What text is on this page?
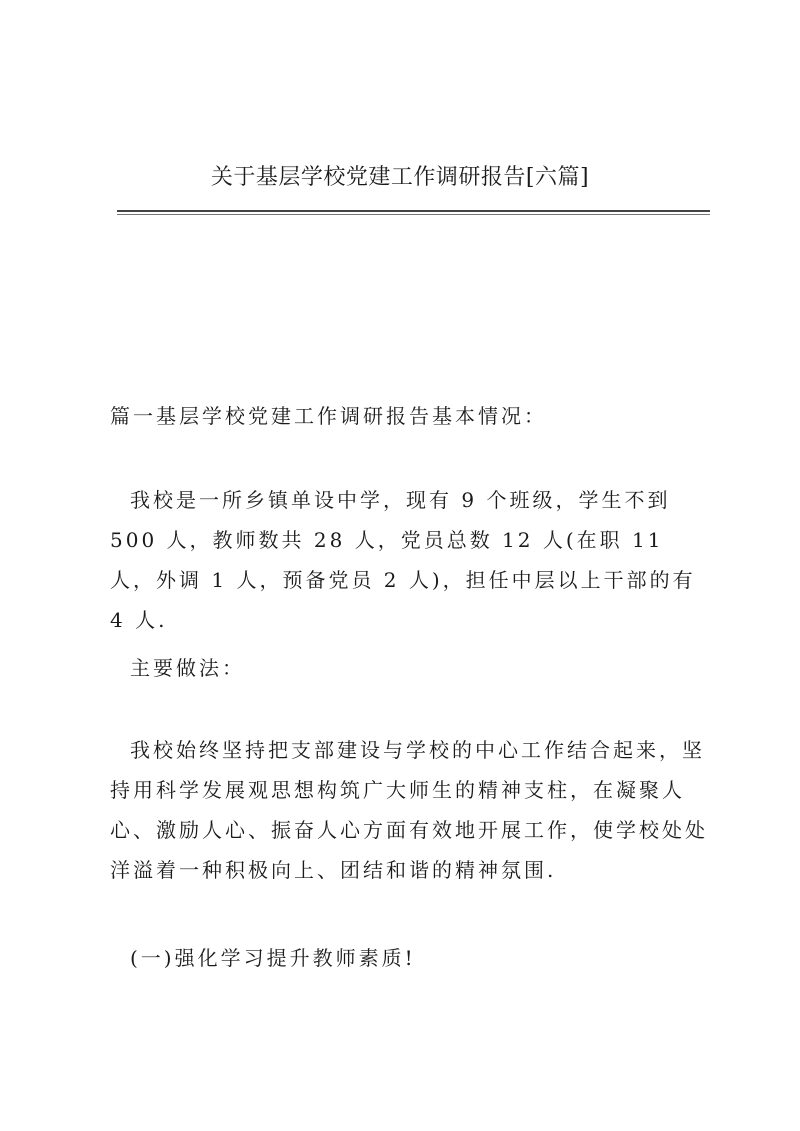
关于基层学校党建工作调研报告[六篇]

篇一基层学校党建工作调研报告基本情况：

我校是一所乡镇单设中学，现有 9 个班级，学生不到 500 人，教师数共 28 人，党员总数 12 人(在职 11 人，外调 1 人，预备党员 2 人)，担任中层以上干部的有 4 人.

主要做法：

我校始终坚持把支部建设与学校的中心工作结合起来，坚持用科学发展观思想构筑广大师生的精神支柱，在凝聚人心、激励人心、振奋人心方面有效地开展工作，使学校处处洋溢着一种积极向上、团结和谐的精神氛围.

(一)强化学习提升教师素质!
